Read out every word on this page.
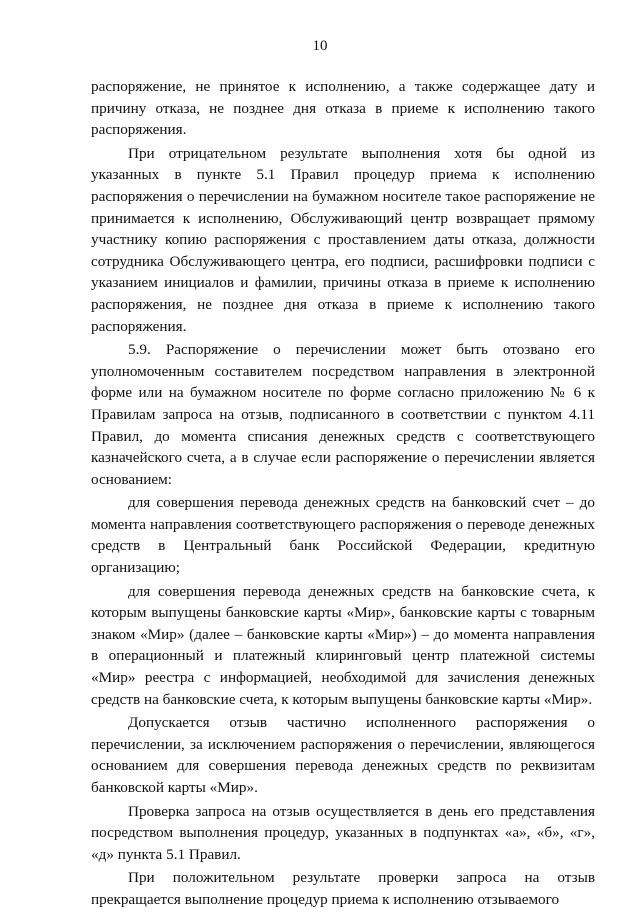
10

распоряжение, не принятое к исполнению, а также содержащее дату и причину отказа, не позднее дня отказа в приеме к исполнению такого распоряжения.

При отрицательном результате выполнения хотя бы одной из указанных в пункте 5.1 Правил процедур приема к исполнению распоряжения о перечислении на бумажном носителе такое распоряжение не принимается к исполнению, Обслуживающий центр возвращает прямому участнику копию распоряжения с проставлением даты отказа, должности сотрудника Обслуживающего центра, его подписи, расшифровки подписи с указанием инициалов и фамилии, причины отказа в приеме к исполнению распоряжения, не позднее дня отказа в приеме к исполнению такого распоряжения.

5.9. Распоряжение о перечислении может быть отозвано его уполномоченным составителем посредством направления в электронной форме или на бумажном носителе по форме согласно приложению № 6 к Правилам запроса на отзыв, подписанного в соответствии с пунктом 4.11 Правил, до момента списания денежных средств с соответствующего казначейского счета, а в случае если распоряжение о перечислении является основанием:

для совершения перевода денежных средств на банковский счет – до момента направления соответствующего распоряжения о переводе денежных средств в Центральный банк Российской Федерации, кредитную организацию;

для совершения перевода денежных средств на банковские счета, к которым выпущены банковские карты «Мир», банковские карты с товарным знаком «Мир» (далее – банковские карты «Мир») – до момента направления в операционный и платежный клиринговый центр платежной системы «Мир» реестра с информацией, необходимой для зачисления денежных средств на банковские счета, к которым выпущены банковские карты «Мир».

Допускается отзыв частично исполненного распоряжения о перечислении, за исключением распоряжения о перечислении, являющегося основанием для совершения перевода денежных средств по реквизитам банковской карты «Мир».

Проверка запроса на отзыв осуществляется в день его представления посредством выполнения процедур, указанных в подпунктах «а», «б», «г», «д» пункта 5.1 Правил.

При положительном результате проверки запроса на отзыв прекращается выполнение процедур приема к исполнению отзываемого
